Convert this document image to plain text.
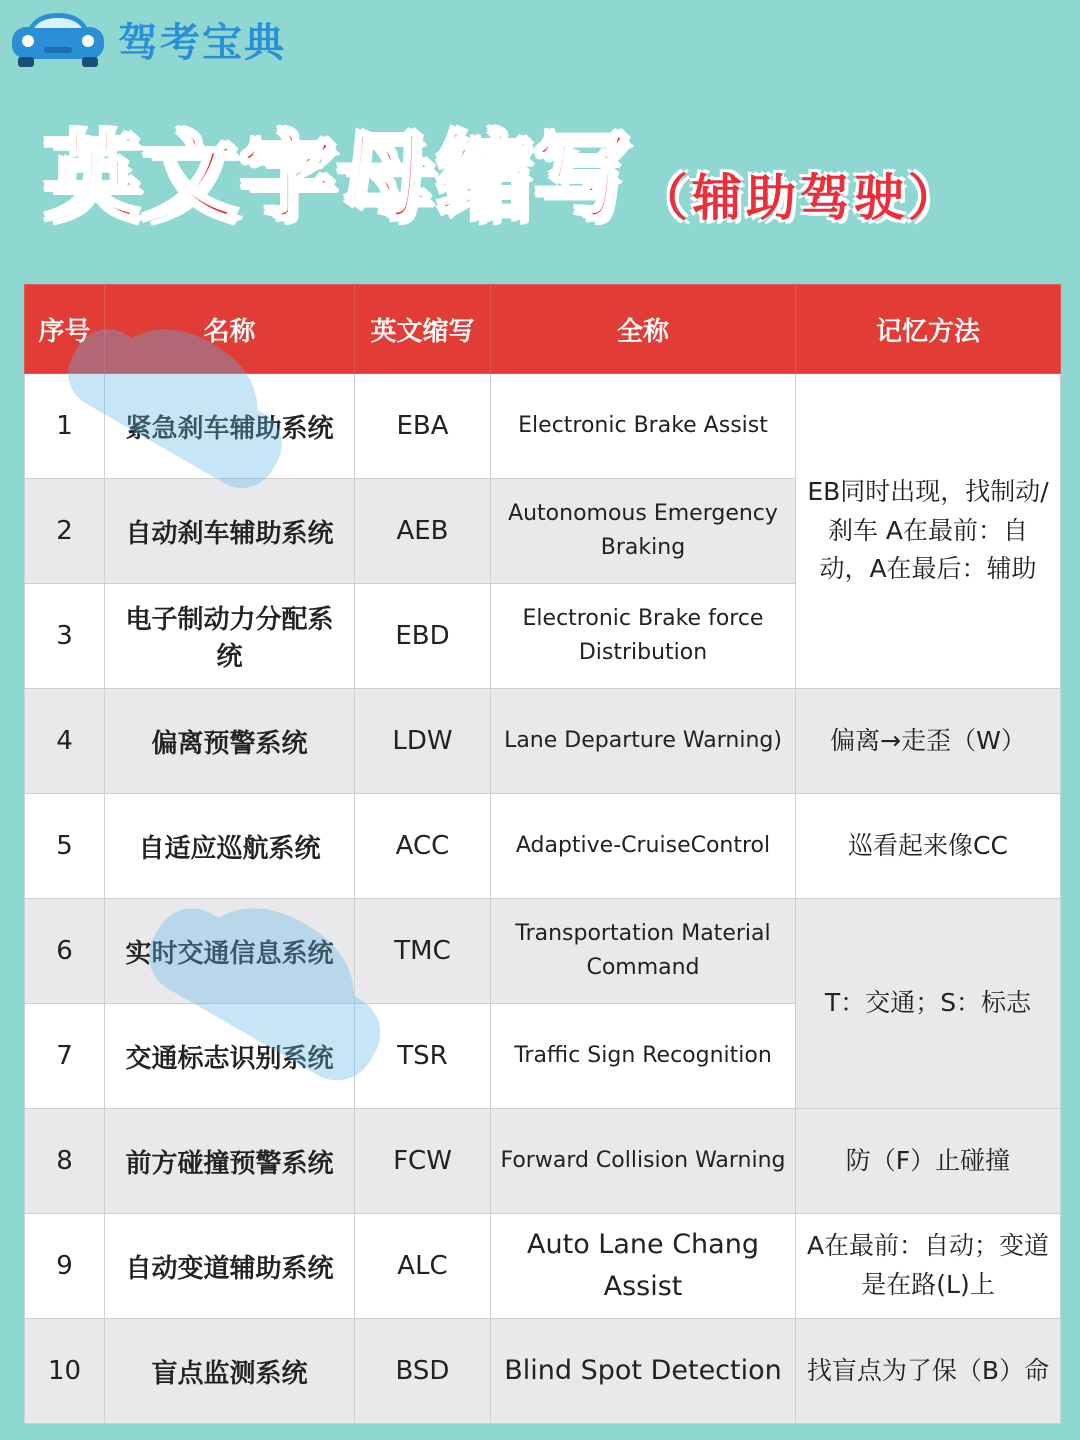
驾考宝典
英文字母缩写 （辅助驾驶）
序号	名称	英文缩写	全称	记忆方法
1	紧急刹车辅助系统	EBA	Electronic Brake Assist	EB同时出现，找制动/刹车 A在最前：自动，A在最后：辅助
2	自动刹车辅助系统	AEB	Autonomous Emergency Braking	
3	电子制动力分配系统	EBD	Electronic Brake force Distribution	
4	偏离预警系统	LDW	Lane Departure Warning)	偏离→走歪（W）
5	自适应巡航系统	ACC	Adaptive-CruiseControl	巡看起来像CC
6	实时交通信息系统	TMC	Transportation Material Command	T：交通；S：标志
7	交通标志识别系统	TSR	Traffic Sign Recognition	
8	前方碰撞预警系统	FCW	Forward Collision Warning	防（F）止碰撞
9	自动变道辅助系统	ALC	Auto Lane Chang Assist	A在最前：自动；变道是在路(L)上
10	盲点监测系统	BSD	Blind Spot Detection	找盲点为了保（B）命
